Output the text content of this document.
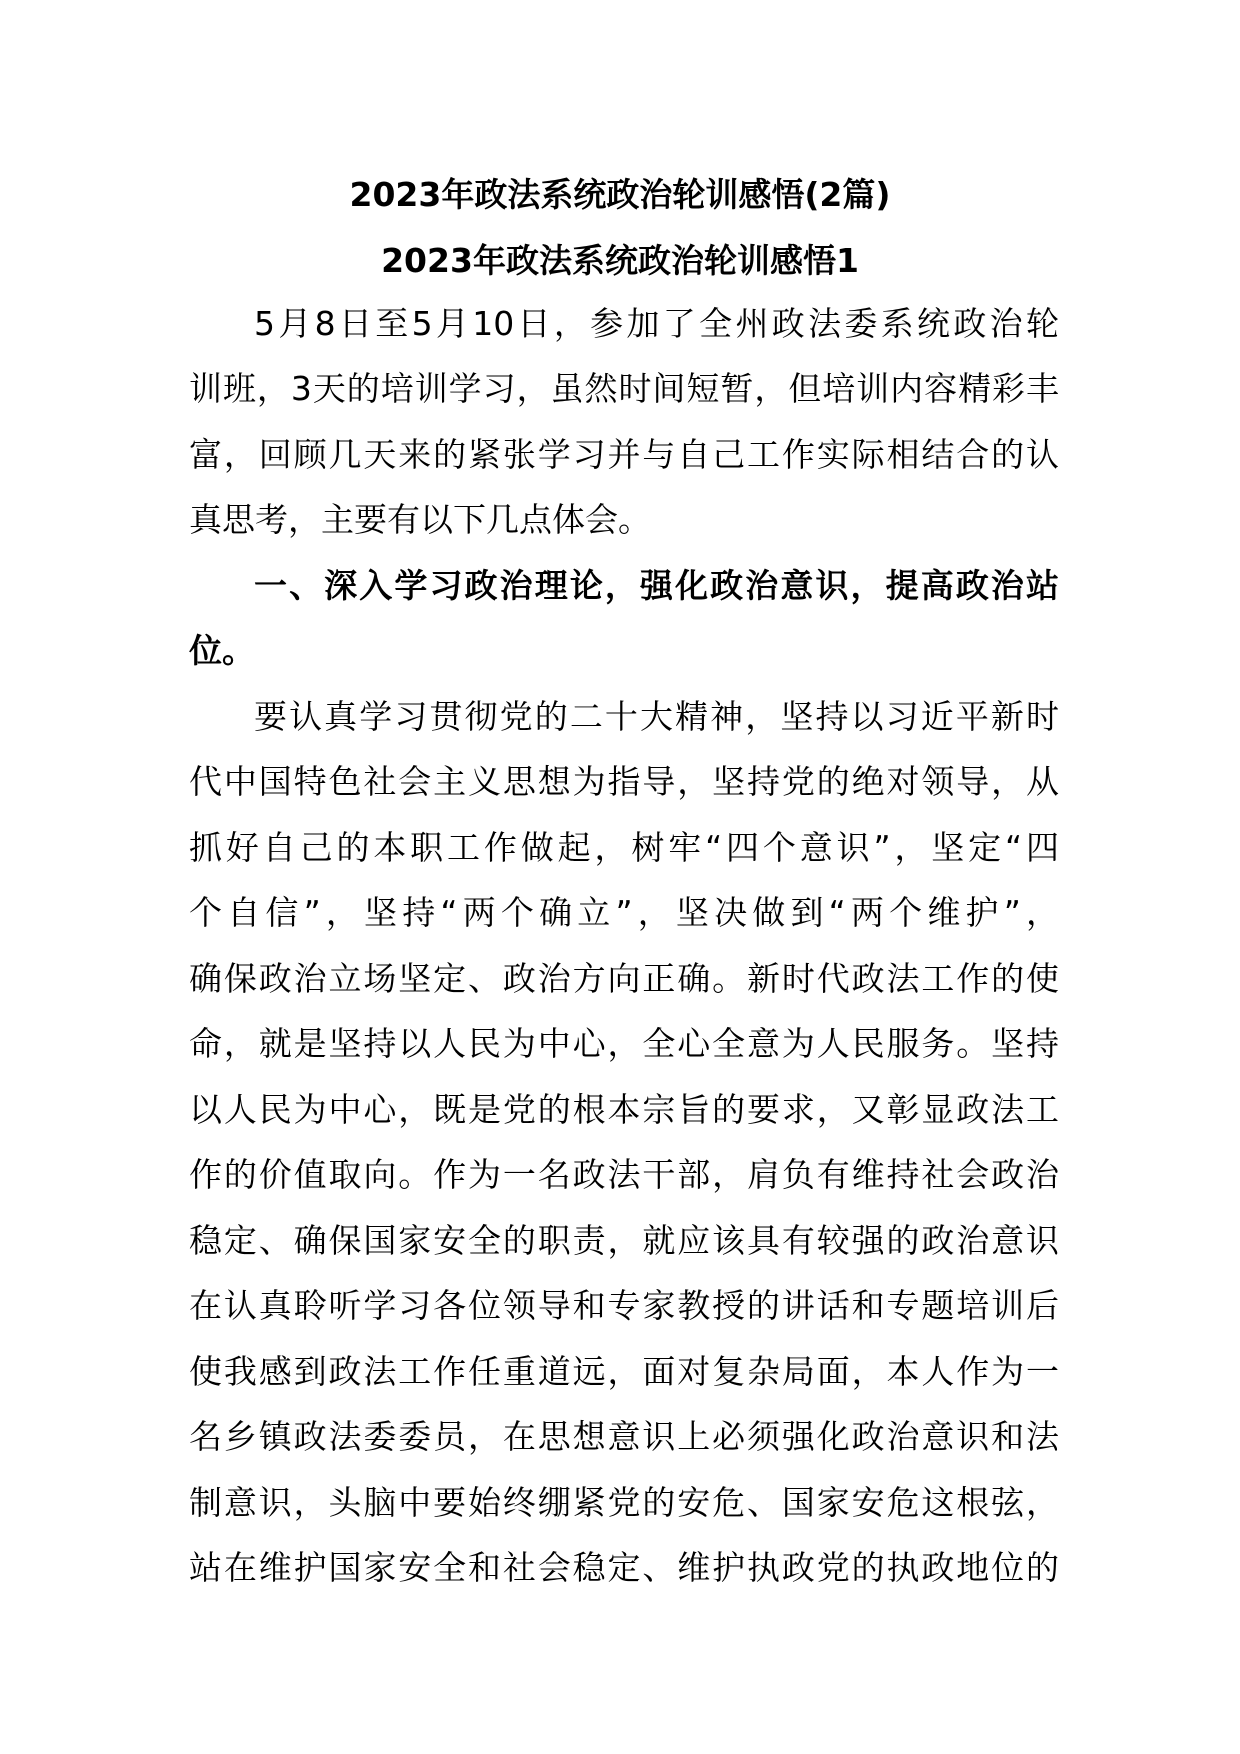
2023年政法系统政治轮训感悟(2篇)
2023年政法系统政治轮训感悟1
5月8日至5月10日，参加了全州政法委系统政治轮
训班，3天的培训学习，虽然时间短暂，但培训内容精彩丰
富，回顾几天来的紧张学习并与自己工作实际相结合的认
真思考，主要有以下几点体会。
一、深入学习政治理论，强化政治意识，提高政治站
位。
要认真学习贯彻党的二十大精神，坚持以习近平新时
代中国特色社会主义思想为指导，坚持党的绝对领导，从
抓好自己的本职工作做起，树牢“四个意识”，坚定“四
个自信”，坚持“两个确立”，坚决做到“两个维护”，
确保政治立场坚定、政治方向正确。新时代政法工作的使
命，就是坚持以人民为中心，全心全意为人民服务。坚持
以人民为中心，既是党的根本宗旨的要求，又彰显政法工
作的价值取向。作为一名政法干部，肩负有维持社会政治
稳定、确保国家安全的职责，就应该具有较强的政治意识
在认真聆听学习各位领导和专家教授的讲话和专题培训后
使我感到政法工作任重道远，面对复杂局面，本人作为一
名乡镇政法委委员，在思想意识上必须强化政治意识和法
制意识，头脑中要始终绷紧党的安危、国家安危这根弦，
站在维护国家安全和社会稳定、维护执政党的执政地位的
